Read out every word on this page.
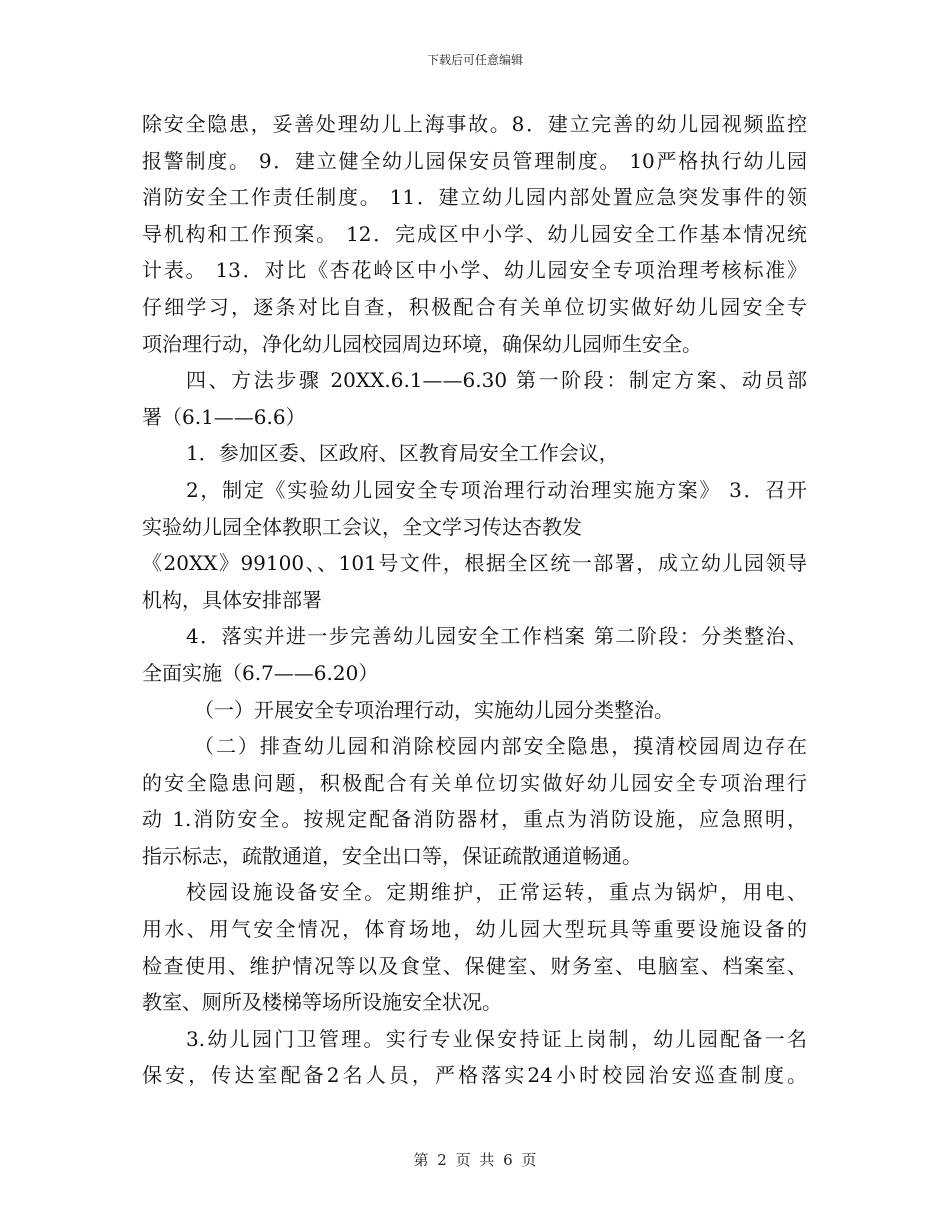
下载后可任意编辑
除安全隐患，妥善处理幼儿上海事故。8．建立完善的幼儿园视频监控
报警制度。 9．建立健全幼儿园保安员管理制度。 10严格执行幼儿园
消防安全工作责任制度。 11．建立幼儿园内部处置应急突发事件的领
导机构和工作预案。 12．完成区中小学、幼儿园安全工作基本情况统
计表。 13．对比《杏花岭区中小学、幼儿园安全专项治理考核标准》
仔细学习，逐条对比自查，积极配合有关单位切实做好幼儿园安全专
项治理行动，净化幼儿园校园周边环境，确保幼儿园师生安全。
四、方法步骤 20XX.6.1——6.30 第一阶段：制定方案、动员部
署（6.1——6.6）
1．参加区委、区政府、区教育局安全工作会议，
2，制定《实验幼儿园安全专项治理行动治理实施方案》 3．召开
实验幼儿园全体教职工会议，全文学习传达杏教发
《20XX》99100、、101号文件，根据全区统一部署，成立幼儿园领导
机构，具体安排部署
4．落实并进一步完善幼儿园安全工作档案 第二阶段：分类整治、
全面实施（6.7——6.20）
（一）开展安全专项治理行动，实施幼儿园分类整治。
（二）排查幼儿园和消除校园内部安全隐患，摸清校园周边存在
的安全隐患问题，积极配合有关单位切实做好幼儿园安全专项治理行
动 1.消防安全。按规定配备消防器材，重点为消防设施，应急照明，
指示标志，疏散通道，安全出口等，保证疏散通道畅通。
校园设施设备安全。定期维护，正常运转，重点为锅炉，用电、
用水、用气安全情况，体育场地，幼儿园大型玩具等重要设施设备的
检查使用、维护情况等以及食堂、保健室、财务室、电脑室、档案室、
教室、厕所及楼梯等场所设施安全状况。
3.幼儿园门卫管理。实行专业保安持证上岗制，幼儿园配备一名
保安，传达室配备2名人员，严格落实24小时校园治安巡查制度。
第 2 页 共 6 页
